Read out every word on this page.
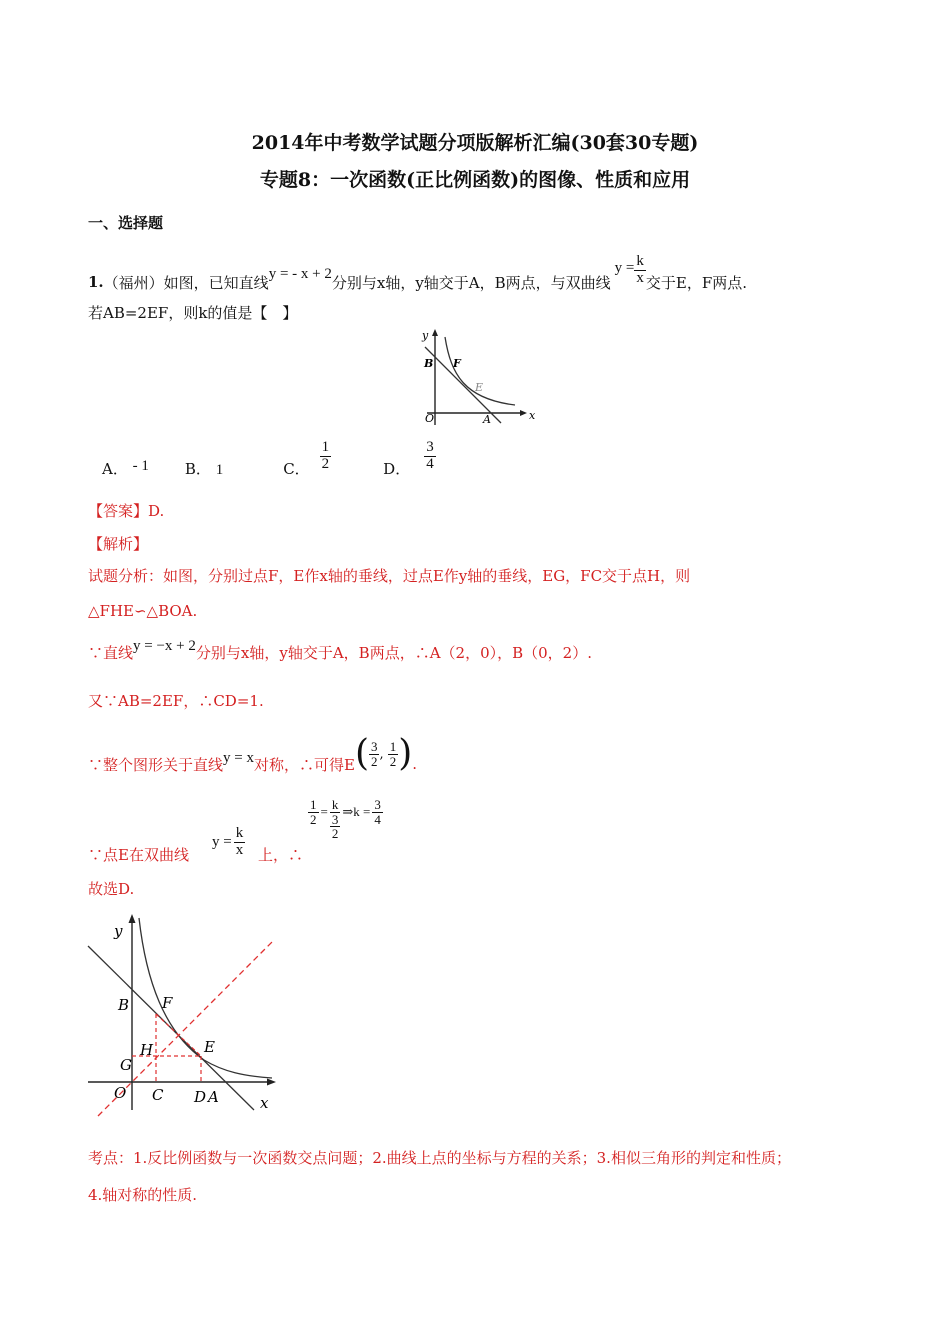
2014年中考数学试题分项版解析汇编(30套30专题)
专题8：一次函数(正比例函数)的图像、性质和应用
一、选择题
1. （福州）如图，已知直线 y = - x + 2 分别与x轴，y轴交于A，B两点，与双曲线
$y = \frac{k}{x}$ 交于E，F两点.
若AB=2EF，则k的值是【　】
y
x
O	A
B F
E
A． - 1 B． 1	C． $\frac{1}{2}$	D． $\frac{3}{4}$
【答案】D.
【解析】
试题分析：如图，分别过点F，E作x轴的垂线，过点E作y轴的垂线，EG，FC交于点H，则
△FHE∽△BOA.
∵直线 y = −x + 2 分别与x轴，y轴交于A，B两点，∴A（2，0），B（0，2）.
又∵AB=2EF，∴CD=1.
∵整个图形关于直线 y = x 对称，∴可得E ( $\frac{3}{2}$ , $\frac{1}{2}$ ) .
∵点E在双曲线
$y = \frac{k}{x}$ 上，∴
$\frac{1}{2} = \frac{k}{\frac{3}{2}}$ ⇒k = $\frac{3}{4}$
故选D.
y
x
B F
G
H	E
O C D A
考点：1.反比例函数与一次函数交点问题；2.曲线上点的坐标与方程的关系；3.相似三角形的判定和性质；
4.轴对称的性质.
